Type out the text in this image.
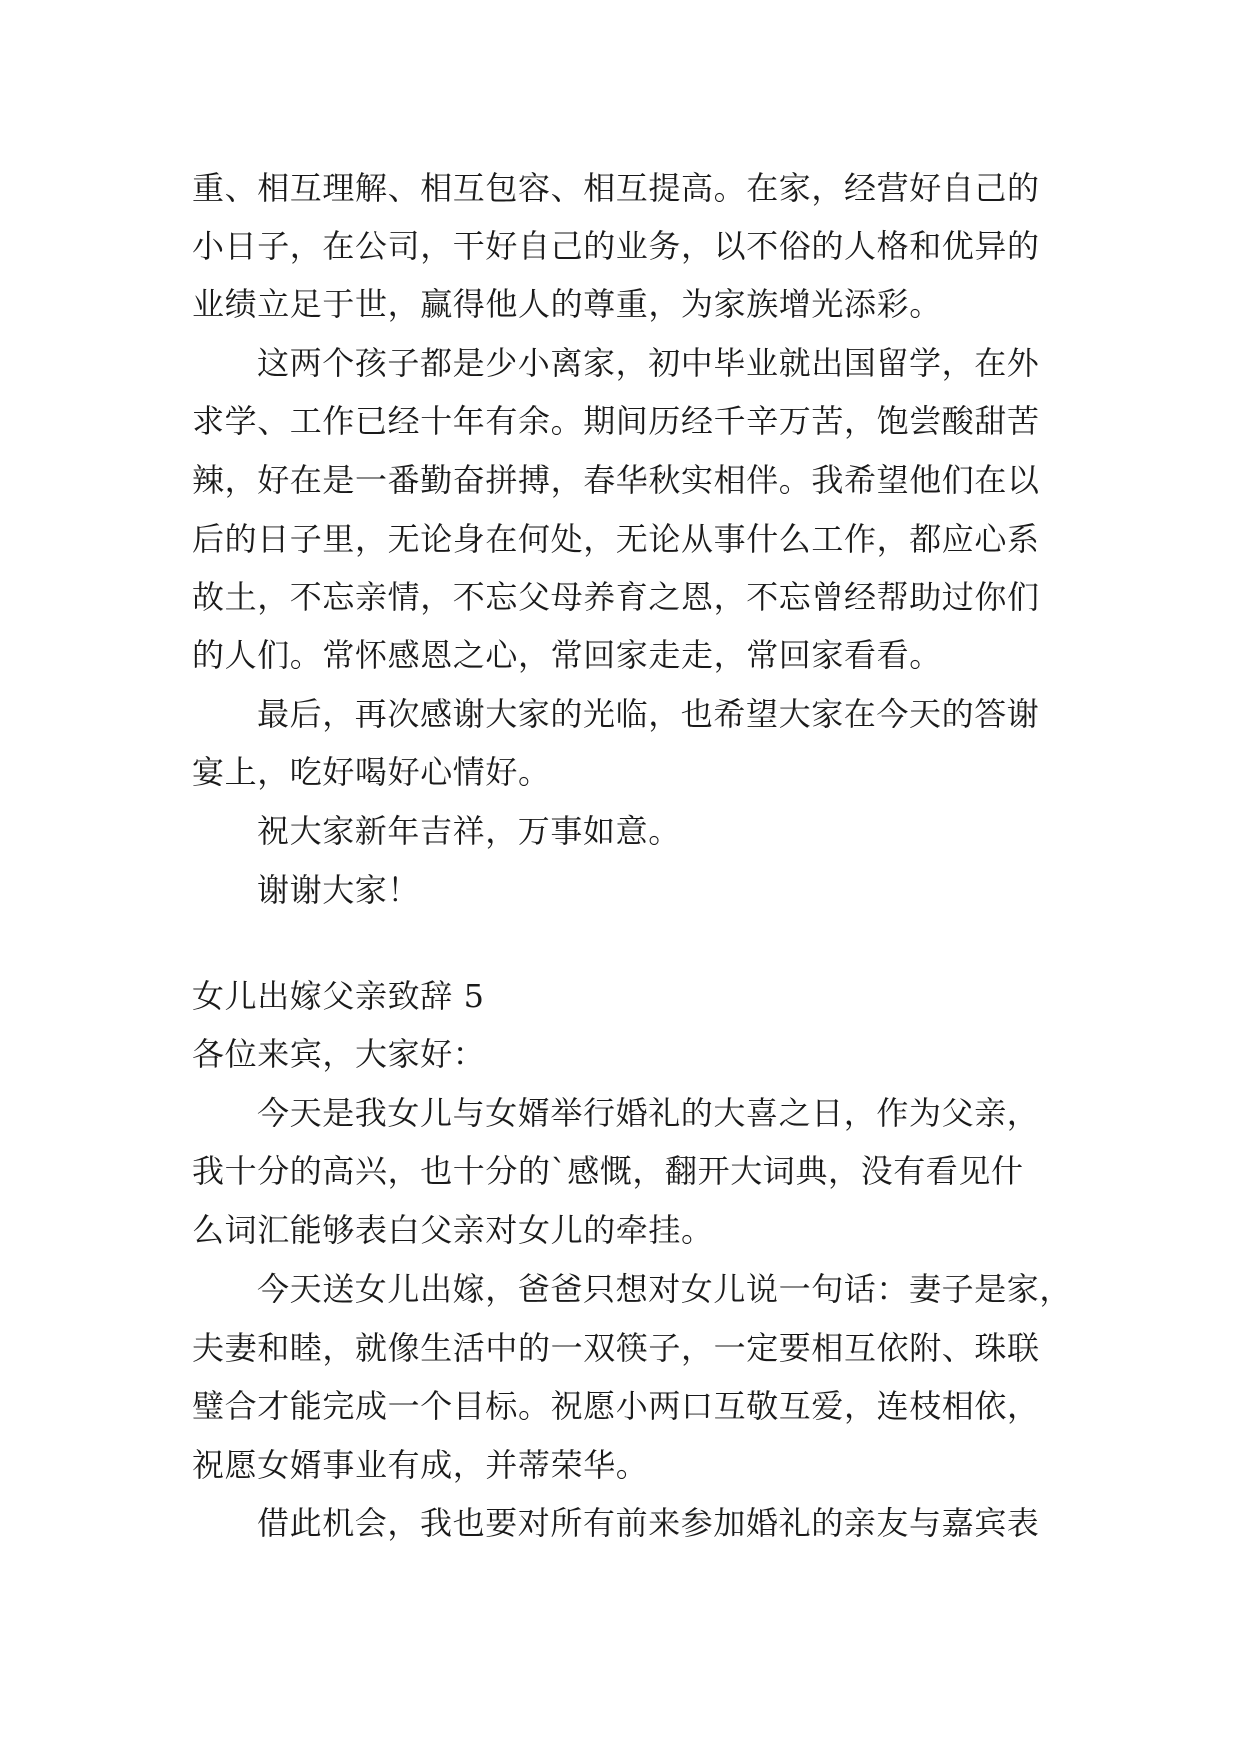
重、相互理解、相互包容、相互提高。在家，经营好自己的
小日子，在公司，干好自己的业务，以不俗的人格和优异的
业绩立足于世，赢得他人的尊重，为家族增光添彩。
这两个孩子都是少小离家，初中毕业就出国留学，在外
求学、工作已经十年有余。期间历经千辛万苦，饱尝酸甜苦
辣，好在是一番勤奋拼搏，春华秋实相伴。我希望他们在以
后的日子里，无论身在何处，无论从事什么工作，都应心系
故土，不忘亲情，不忘父母养育之恩，不忘曾经帮助过你们
的人们。常怀感恩之心，常回家走走，常回家看看。
最后，再次感谢大家的光临，也希望大家在今天的答谢
宴上，吃好喝好心情好。
祝大家新年吉祥，万事如意。
谢谢大家！
女儿出嫁父亲致辞 5
各位来宾，大家好：
今天是我女儿与女婿举行婚礼的大喜之日，作为父亲，
我十分的高兴，也十分的`感慨，翻开大词典，没有看见什
么词汇能够表白父亲对女儿的牵挂。
今天送女儿出嫁，爸爸只想对女儿说一句话：妻子是家，
夫妻和睦，就像生活中的一双筷子，一定要相互依附、珠联
璧合才能完成一个目标。祝愿小两口互敬互爱，连枝相依，
祝愿女婿事业有成，并蒂荣华。
借此机会，我也要对所有前来参加婚礼的亲友与嘉宾表
